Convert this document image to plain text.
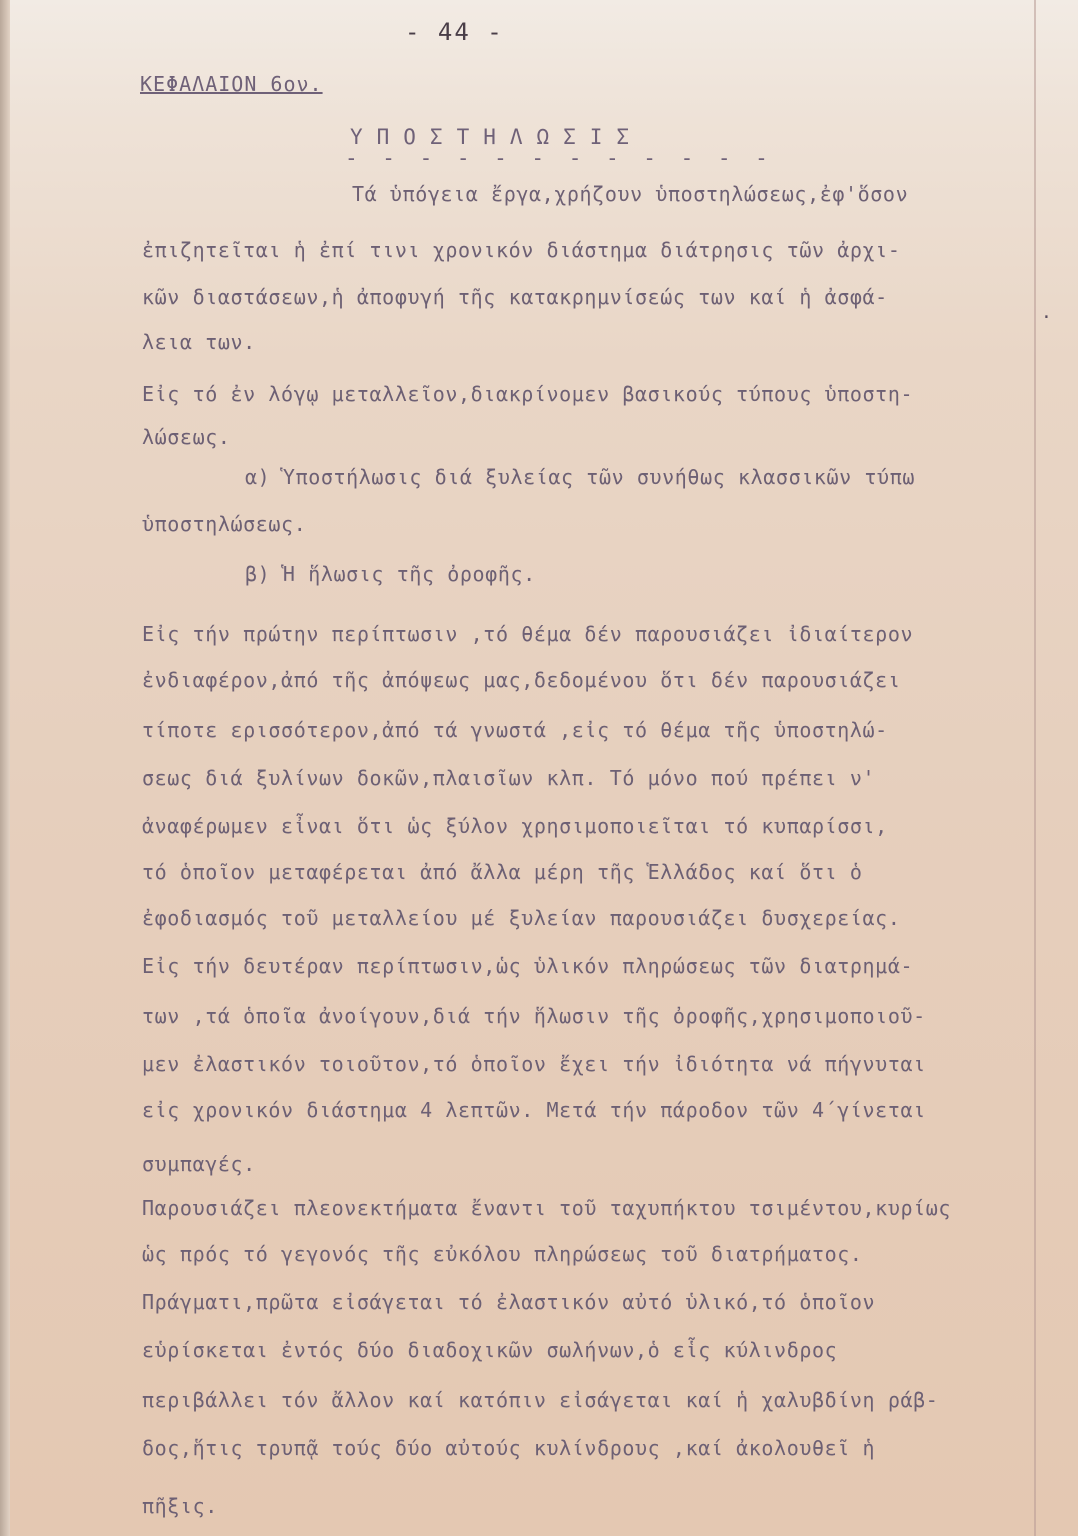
- 44 -
ΚΕΦΑΛΑΙΟΝ 6ον.
ΥΠΟΣΤΗΛΩΣΙΣ
- - - - - - - - - - - -
Τά ὑπόγεια ἔργα,χρήζουν ὑποστηλώσεως,ἐφ'ὅσον
ἐπιζητεῖται ἡ ἐπί τινι χρονικόν διάστημα διάτρησις τῶν ἀρχι-
κῶν διαστάσεων,ἡ ἀποφυγή τῆς κατακρημνίσεώς των καί ἡ ἀσφά-
λεια των.
Εἰς τό ἐν λόγῳ μεταλλεῖον,διακρίνομεν βασικούς τύπους ὑποστη-
λώσεως.
α) Ὑποστήλωσις διά ξυλείας τῶν συνήθως κλασσικῶν τύπω
ὑποστηλώσεως.
β) Ἡ ἥλωσις τῆς ὀροφῆς.
Εἰς τήν πρώτην περίπτωσιν ,τό θέμα δέν παρουσιάζει ἰδιαίτερον
ἐνδιαφέρον,ἀπό τῆς ἀπόψεως μας,δεδομένου ὅτι δέν παρουσιάζει
τίποτε ερισσότερον,ἀπό τά γνωστά ,εἰς τό θέμα τῆς ὑποστηλώ-
σεως διά ξυλίνων δοκῶν,πλαισῖων κλπ. Τό μόνο πού πρέπει ν'
ἀναφέρωμεν εἶναι ὅτι ὡς ξύλον χρησιμοποιεῖται τό κυπαρίσσι,
τό ὁποῖον μεταφέρεται ἀπό ἄλλα μέρη τῆς Ἑλλάδος καί ὅτι ὁ
ἐφοδιασμός τοῦ μεταλλείου μέ ξυλείαν παρουσιάζει δυσχερείας.
Εἰς τήν δευτέραν περίπτωσιν,ὡς ὑλικόν πληρώσεως τῶν διατρημά-
των ,τά ὁποῖα ἀνοίγουν,διά τήν ἥλωσιν τῆς ὀροφῆς,χρησιμοποιοῦ-
μεν ἐλαστικόν τοιοῦτον,τό ὁποῖον ἔχει τήν ἰδιότητα νά πήγνυται
εἰς χρονικόν διάστημα 4 λεπτῶν. Μετά τήν πάροδον τῶν 4΄γίνεται
συμπαγές.
Παρουσιάζει πλεονεκτήματα ἔναντι τοῦ ταχυπήκτου τσιμέντου,κυρίως
ὡς πρός τό γεγονός τῆς εὐκόλου πληρώσεως τοῦ διατρήματος.
Πράγματι,πρῶτα εἰσάγεται τό ἐλαστικόν αὐτό ὑλικό,τό ὁποῖον
εὑρίσκεται ἐντός δύο διαδοχικῶν σωλήνων,ὁ εἷς κύλινδρος
περιβάλλει τόν ἄλλον καί κατόπιν εἰσάγεται καί ἡ χαλυβδίνη ράβ-
δος,ἥτις τρυπᾷ τούς δύο αὐτούς κυλίνδρους ,καί ἀκολουθεῖ ἡ
πῆξις.
.
